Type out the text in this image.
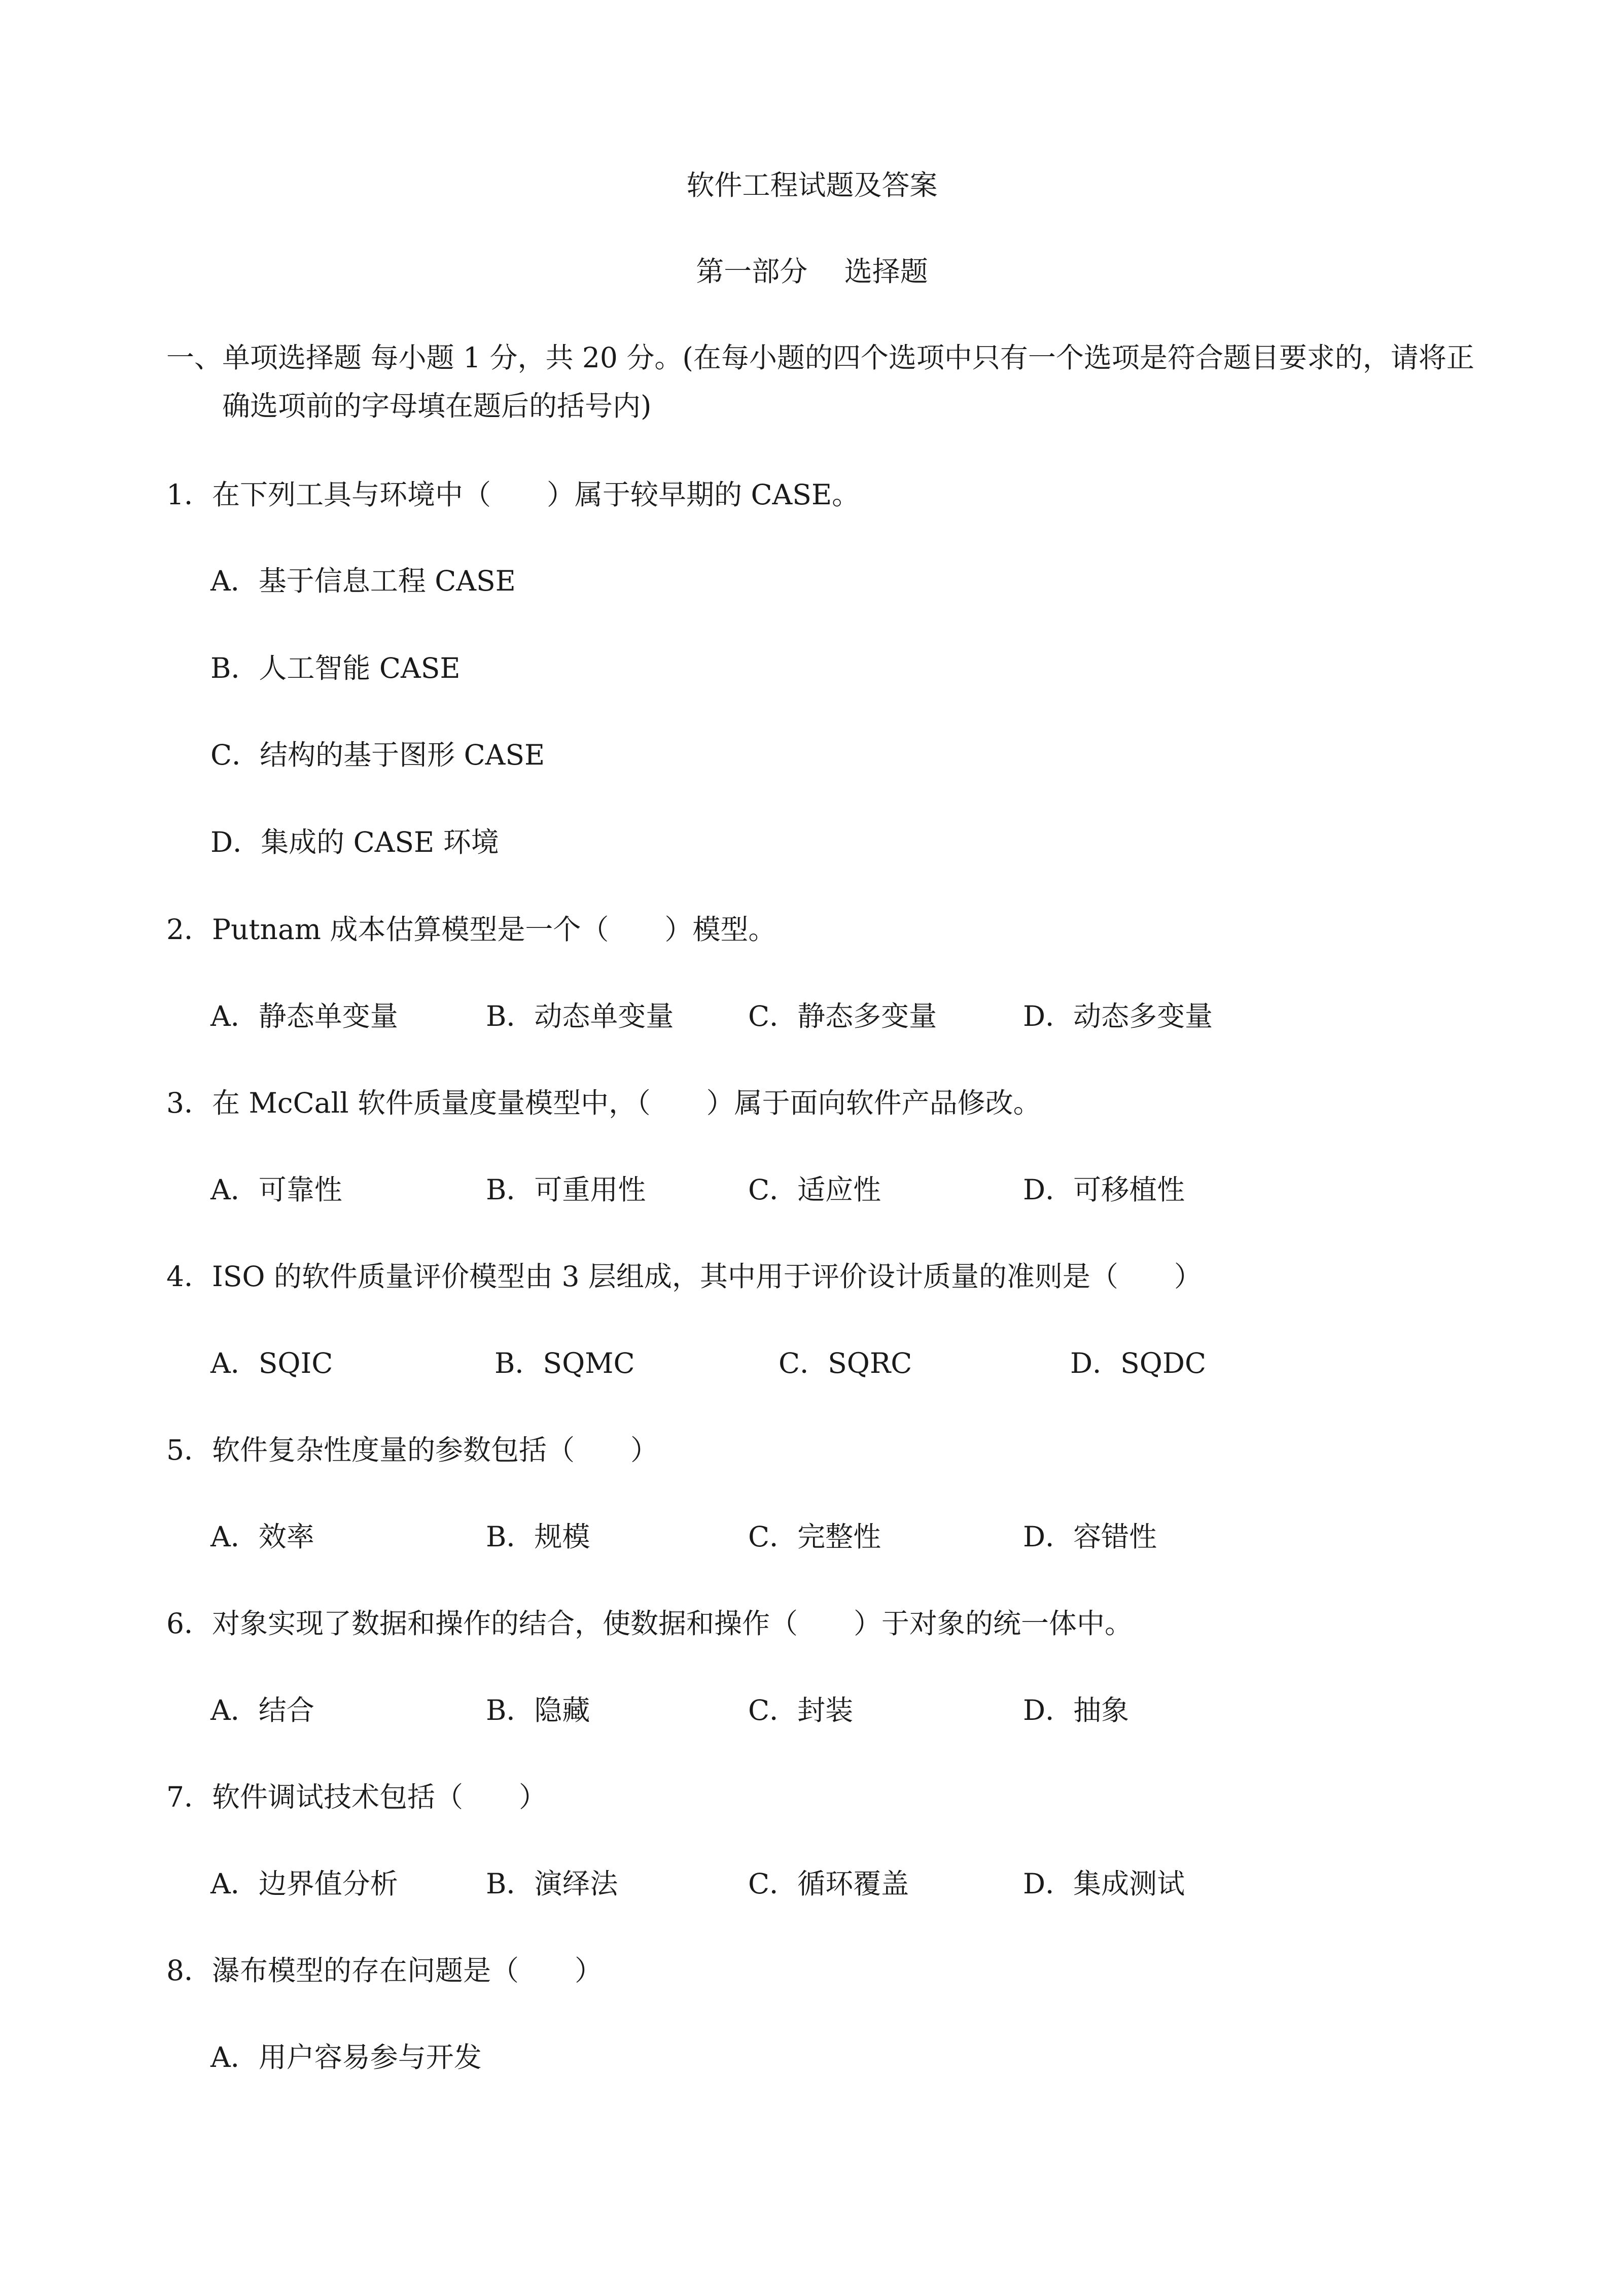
软件工程试题及答案
第一部分　 选择题
一、单项选择题 每小题 1 分，共 20 分。(在每小题的四个选项中只有一个选项是符合题目要求的，请将正
确选项前的字母填在题后的括号内)
1．在下列工具与环境中（　　）属于较早期的 CASE。
A．基于信息工程 CASE
B．人工智能 CASE
C．结构的基于图形 CASE
D．集成的 CASE 环境
2．Putnam 成本估算模型是一个（　　）模型。
A．静态单变量	B．动态单变量	C．静态多变量	D．动态多变量
3．在 McCall 软件质量度量模型中，（　　）属于面向软件产品修改。
A．可靠性	B．可重用性	C．适应性	D．可移植性
4．ISO 的软件质量评价模型由 3 层组成，其中用于评价设计质量的准则是（　　）
A．SQIC	B．SQMC	C．SQRC	D．SQDC
5．软件复杂性度量的参数包括（　　）
A．效率	B．规模	C．完整性	D．容错性
6．对象实现了数据和操作的结合，使数据和操作（　　）于对象的统一体中。
A．结合	B．隐藏	C．封装	D．抽象
7．软件调试技术包括（　　）
A．边界值分析	B．演绎法	C．循环覆盖	D．集成测试
8．瀑布模型的存在问题是（　　）
A．用户容易参与开发
